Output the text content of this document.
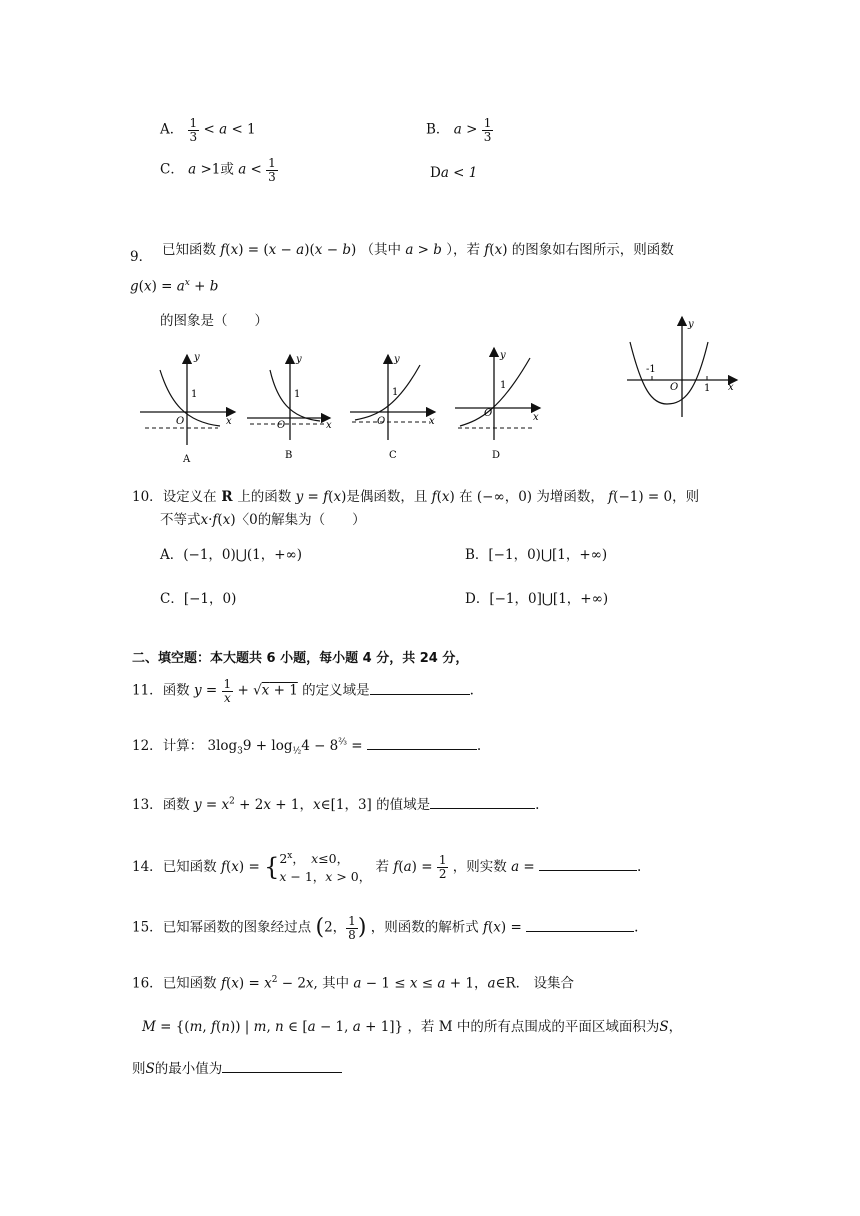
A． $\frac{1}{3} < a < 1$	B． $a > \frac{1}{3}$
C． a >1或 $a < \frac{1}{3}$	Da < 1
9． 已知函数 f(x) = (x − a)(x − b) （其中 a > b ），若 f(x) 的图象如右图所示，则函数
$g(x) = a^x + b$
的图象是（　　）
y
1
O	x
A
y
1
O	x
B
y
1
O	x
C
y
1
O	x
D
y
-1
O	1 x
10．设定义在 R 上的函数 y = f(x)是偶函数，且 f(x) 在 (−∞，0) 为增函数， f(−1) = 0，则
不等式x·f(x)〈0的解集为（　　）
A．(−1，0)⋃(1，+∞)	B．[−1，0)⋃[1，+∞)
C．[−1，0)	D．[−1，0]⋃[1，+∞)
二、填空题：本大题共 6 小题，每小题 4 分，共 24 分，
11．函数 $y = \frac{1}{x} + √x + 1$ 的定义域是	.
12．计算： $3\log_39 + \log_{\frac{1}{2}}4 - 8^{\frac{2}{3}}$ =	.
13．函数 $y = x^2 + 2x + 1$，x∈[1，3] 的值域是	.
14．已知函数 $f(x) = \{2^x$，　x≤0，
x − 1，x > 0， 若 $f(a) = \frac{1}{2}$ ，则实数 a =	.
15．已知幂函数的图象经过点 (2， $\frac{1}{8}$ ) ，则函数的解析式 f(x) =	.
16．已知函数 $f(x) = x^2 - 2x$, 其中 a − 1 ≤ x ≤ a + 1，a∈R． 设集合
M = {(m, f(n)) | m, n ∈ [a − 1, a + 1]} ，若 M 中的所有点围成的平面区域面积为S，
则S的最小值为
